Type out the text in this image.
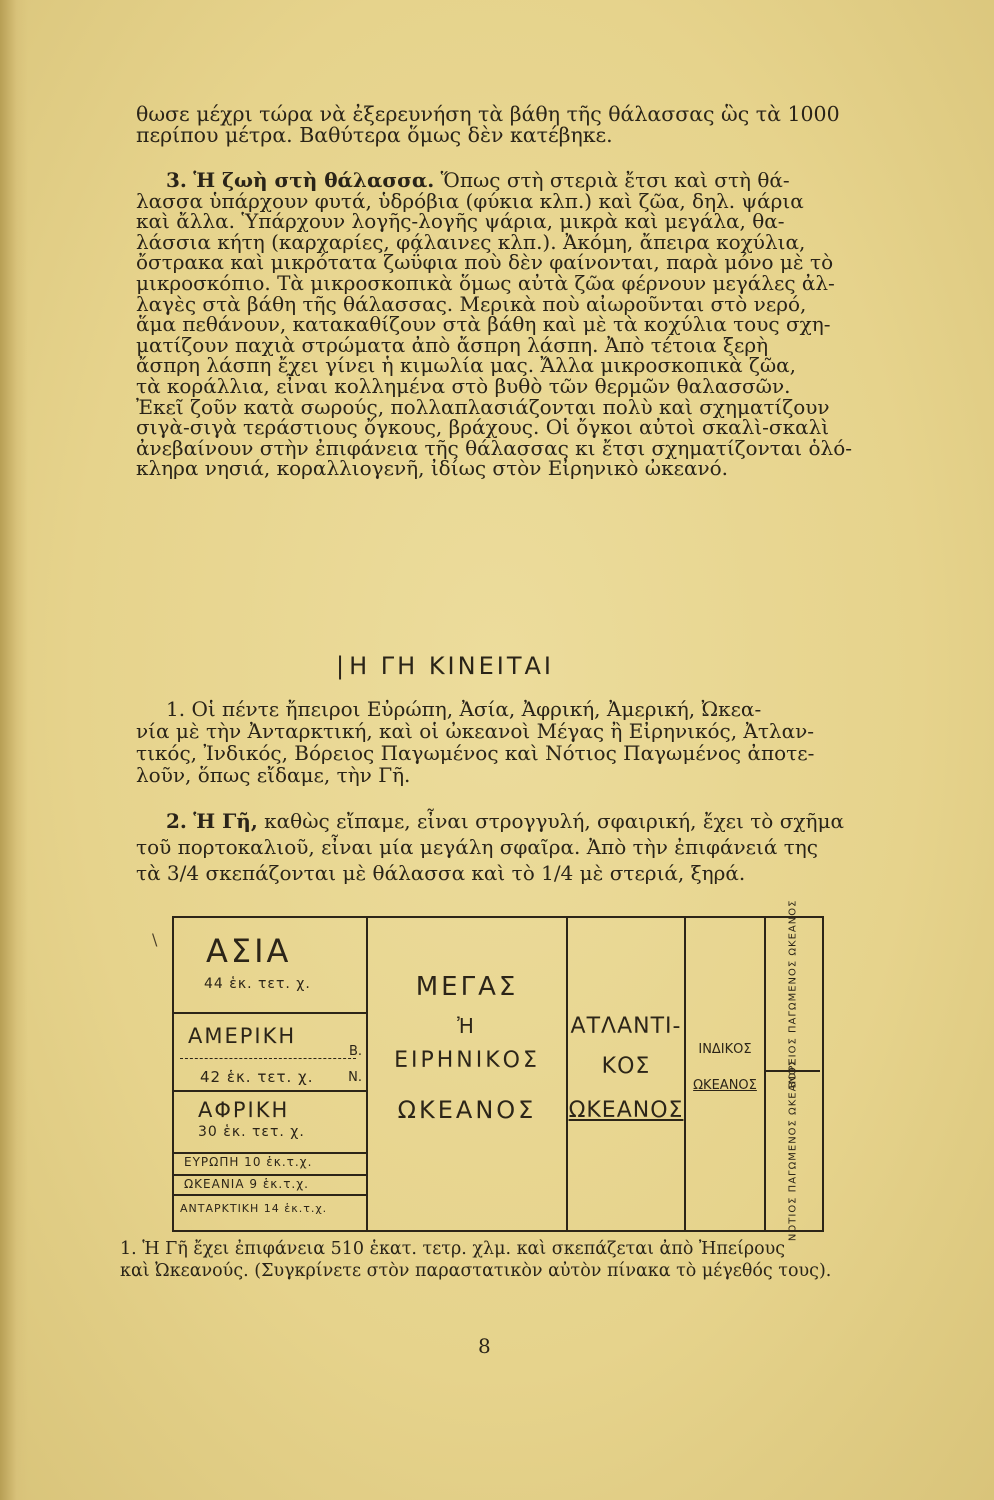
θωσε μέχρι τώρα νὰ ἐξερευνήση τὰ βάθη τῆς θάλασσας ὣς τὰ 1000
περίπου μέτρα. Βαθύτερα ὅμως δὲν κατέβηκε.

3. Ἡ ζωὴ στὴ θάλασσα. Ὅπως στὴ στεριὰ ἔτσι καὶ στὴ θά-
λασσα ὑπάρχουν φυτά, ὑδρόβια (φύκια κλπ.) καὶ ζῶα, δηλ. ψάρια
καὶ ἄλλα. Ὑπάρχουν λογῆς-λογῆς ψάρια, μικρὰ καὶ μεγάλα, θα-
λάσσια κήτη (καρχαρίες, φάλαινες κλπ.). Ἀκόμη, ἄπειρα κοχύλια,
ὄστρακα καὶ μικρότατα ζωΰφια ποὺ δὲν φαίνονται, παρὰ μόνο μὲ τὸ
μικροσκόπιο. Τὰ μικροσκοπικὰ ὅμως αὐτὰ ζῶα φέρνουν μεγάλες ἀλ-
λαγὲς στὰ βάθη τῆς θάλασσας. Μερικὰ ποὺ αἰωροῦνται στὸ νερό,
ἅμα πεθάνουν, κατακαθίζουν στὰ βάθη καὶ μὲ τὰ κοχύλια τους σχη-
ματίζουν παχιὰ στρώματα ἀπὸ ἄσπρη λάσπη. Ἀπὸ τέτοια ξερὴ
ἄσπρη λάσπη ἔχει γίνει ἡ κιμωλία μας. Ἄλλα μικροσκοπικὰ ζῶα,
τὰ κοράλλια, εἶναι κολλημένα στὸ βυθὸ τῶν θερμῶν θαλασσῶν.
Ἐκεῖ ζοῦν κατὰ σωρούς, πολλαπλασιάζονται πολὺ καὶ σχηματίζουν
σιγὰ-σιγὰ τεράστιους ὄγκους, βράχους. Οἱ ὄγκοι αὐτοὶ σκαλὶ-σκαλὶ
ἀνεβαίνουν στὴν ἐπιφάνεια τῆς θάλασσας κι ἔτσι σχηματίζονται ὁλό-
κληρα νησιά, κοραλλιογενῆ, ἰδίως στὸν Εἰρηνικὸ ὠκεανό.
|Η ΓΗ ΚΙΝΕΙΤΑΙ
1. Οἱ πέντε ἤπειροι Εὐρώπη, Ἀσία, Ἀφρική, Ἀμερική, Ὠκεα-
νία μὲ τὴν Ἀνταρκτική, καὶ οἱ ὠκεανοὶ Μέγας ἢ Εἰρηνικός, Ἀτλαν-
τικός, Ἰνδικός, Βόρειος Παγωμένος καὶ Νότιος Παγωμένος ἀποτε-
λοῦν, ὅπως εἴδαμε, τὴν Γῆ.
2. Ἡ Γῆ, καθὼς εἴπαμε, εἶναι στρογγυλή, σφαιρική, ἔχει τὸ σχῆμα
τοῦ πορτοκαλιοῦ, εἶναι μία μεγάλη σφαῖρα. Ἀπὸ τὴν ἐπιφάνειά της
τὰ 3/4 σκεπάζονται μὲ θάλασσα καὶ τὸ 1/4 μὲ στεριά, ξηρά.
\ ΑΣΙΑ
44 ἑκ. τετ. χ.
ΑΜΕΡΙΚΗ
Β.
Ν.
42 ἑκ. τετ. χ.
ΑΦΡΙΚΗ
30 ἑκ. τετ. χ.
ΕΥΡΩΠΗ 10 ἑκ.τ.χ.
ΩΚΕΑΝΙΑ 9 ἑκ.τ.χ.
ΑΝΤΑΡΚΤΙΚΗ 14 ἑκ.τ.χ.
ΜΕΓΑΣ
Ἠ
ΕΙΡΗΝΙΚΟΣ
ΩΚΕΑΝΟΣ
ΑΤΛΑΝΤΙ-
ΚΟΣ
ΩΚΕΑΝΟΣ
ΙΝΔΙΚΟΣ
ΩΚΕΑΝΟΣ	ΒΟΡΕΙΟΣ ΠΑΓΩΜΕΝΟΣ ΩΚΕΑΝΟΣ
ΝΟΤΙΟΣ ΠΑΓΩΜΕΝΟΣ ΩΚΕΑΝΟΣ
1. Ἡ Γῆ ἔχει ἐπιφάνεια 510 ἑκατ. τετρ. χλμ. καὶ σκεπάζεται ἀπὸ Ἠπείρους
καὶ Ὠκεανούς. (Συγκρίνετε στὸν παραστατικὸν αὐτὸν πίνακα τὸ μέγεθός τους).
8
